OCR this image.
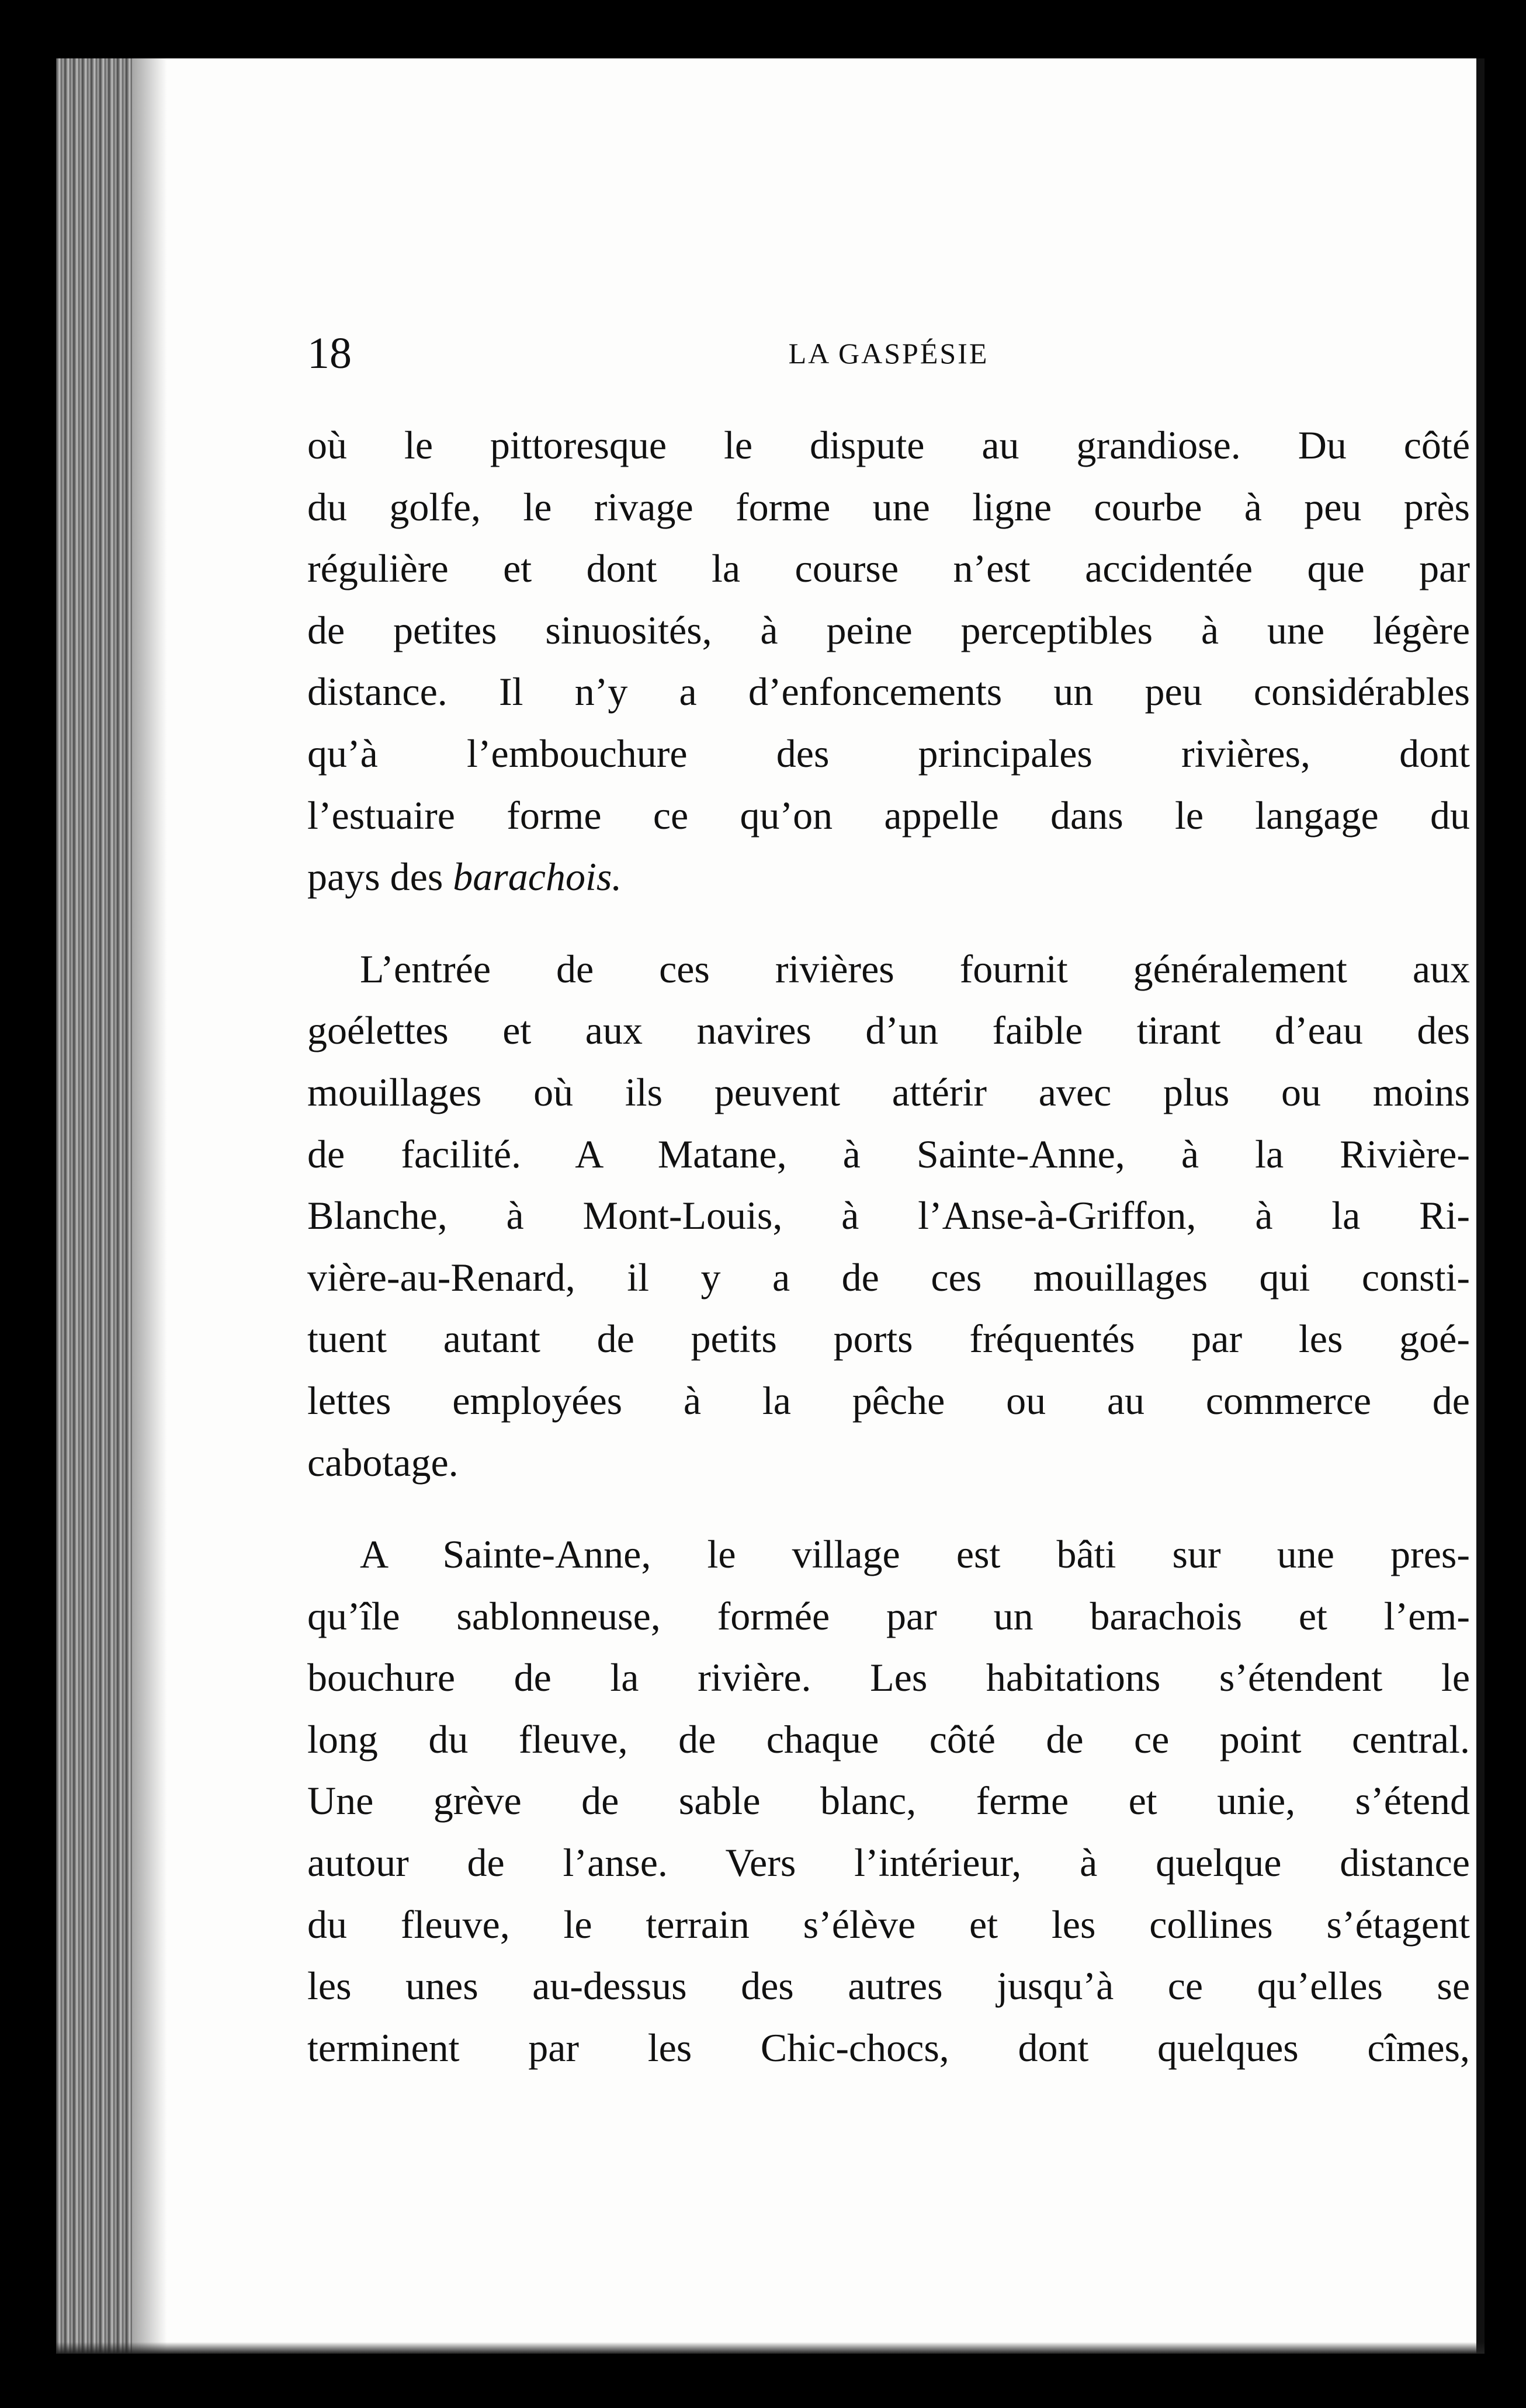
18	LA GASPÉSIE

où le pittoresque le dispute au grandiose. Du côté
du golfe, le rivage forme une ligne courbe à peu près
régulière et dont la course n’est accidentée que par
de petites sinuosités, à peine perceptibles à une légère
distance. Il n’y a d’enfoncements un peu considérables
qu’à l’embouchure des principales rivières, dont
l’estuaire forme ce qu’on appelle dans le langage du
pays des barachois.

L’entrée de ces rivières fournit généralement aux
goélettes et aux navires d’un faible tirant d’eau des
mouillages où ils peuvent attérir avec plus ou moins
de facilité. A Matane, à Sainte-Anne, à la Rivière-
Blanche, à Mont-Louis, à l’Anse-à-Griffon, à la Ri-
vière-au-Renard, il y a de ces mouillages qui consti-
tuent autant de petits ports fréquentés par les goé-
lettes employées à la pêche ou au commerce de
cabotage.

A Sainte-Anne, le village est bâti sur une pres-
qu’île sablonneuse, formée par un barachois et l’em-
bouchure de la rivière. Les habitations s’étendent le
long du fleuve, de chaque côté de ce point central.
Une grève de sable blanc, ferme et unie, s’étend
autour de l’anse. Vers l’intérieur, à quelque distance
du fleuve, le terrain s’élève et les collines s’étagent
les unes au-dessus des autres jusqu’à ce qu’elles se
terminent par les Chic-chocs, dont quelques cîmes,
